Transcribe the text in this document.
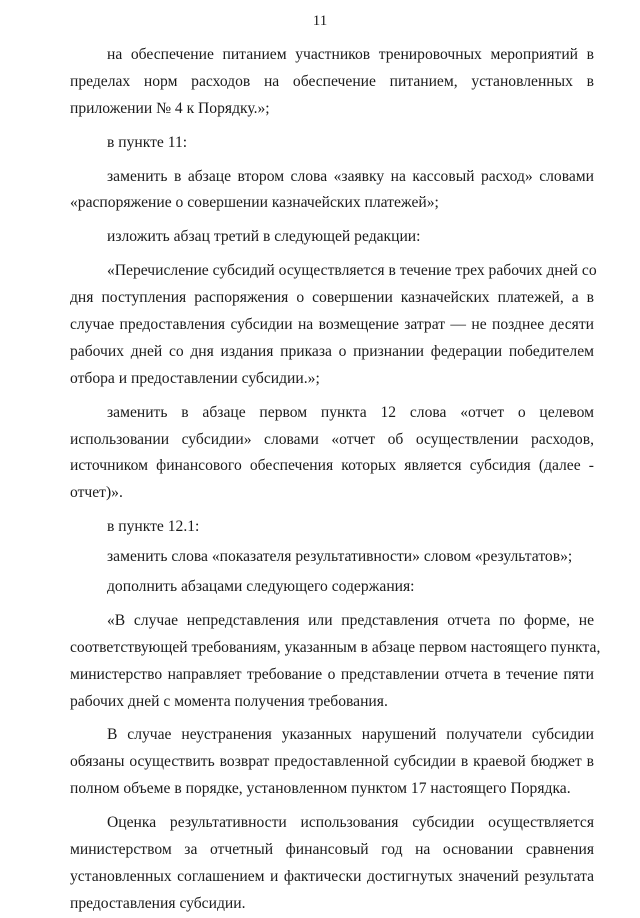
11
на обеспечение питанием участников тренировочных мероприятий в
пределах норм расходов на обеспечение питанием, установленных в
приложении № 4 к Порядку.»;
в пункте 11:
заменить в абзаце втором слова «заявку на кассовый расход» словами
«распоряжение о совершении казначейских платежей»;
изложить абзац третий в следующей редакции:
«Перечисление субсидий осуществляется в течение трех рабочих дней со
дня поступления распоряжения о совершении казначейских платежей, а в
случае предоставления субсидии на возмещение затрат — не позднее десяти
рабочих дней со дня издания приказа о признании федерации победителем
отбора и предоставлении субсидии.»;
заменить в абзаце первом пункта 12 слова «отчет о целевом
использовании субсидии» словами «отчет об осуществлении расходов,
источником финансового обеспечения которых является субсидия (далее -
отчет)».
в пункте 12.1:
заменить слова «показателя результативности» словом «результатов»;
дополнить абзацами следующего содержания:
«В случае непредставления или представления отчета по форме, не
соответствующей требованиям, указанным в абзаце первом настоящего пункта,
министерство направляет требование о представлении отчета в течение пяти
рабочих дней с момента получения требования.
В случае неустранения указанных нарушений получатели субсидии
обязаны осуществить возврат предоставленной субсидии в краевой бюджет в
полном объеме в порядке, установленном пунктом 17 настоящего Порядка.
Оценка результативности использования субсидии осуществляется
министерством за отчетный финансовый год на основании сравнения
установленных соглашением и фактически достигнутых значений результата
предоставления субсидии.
